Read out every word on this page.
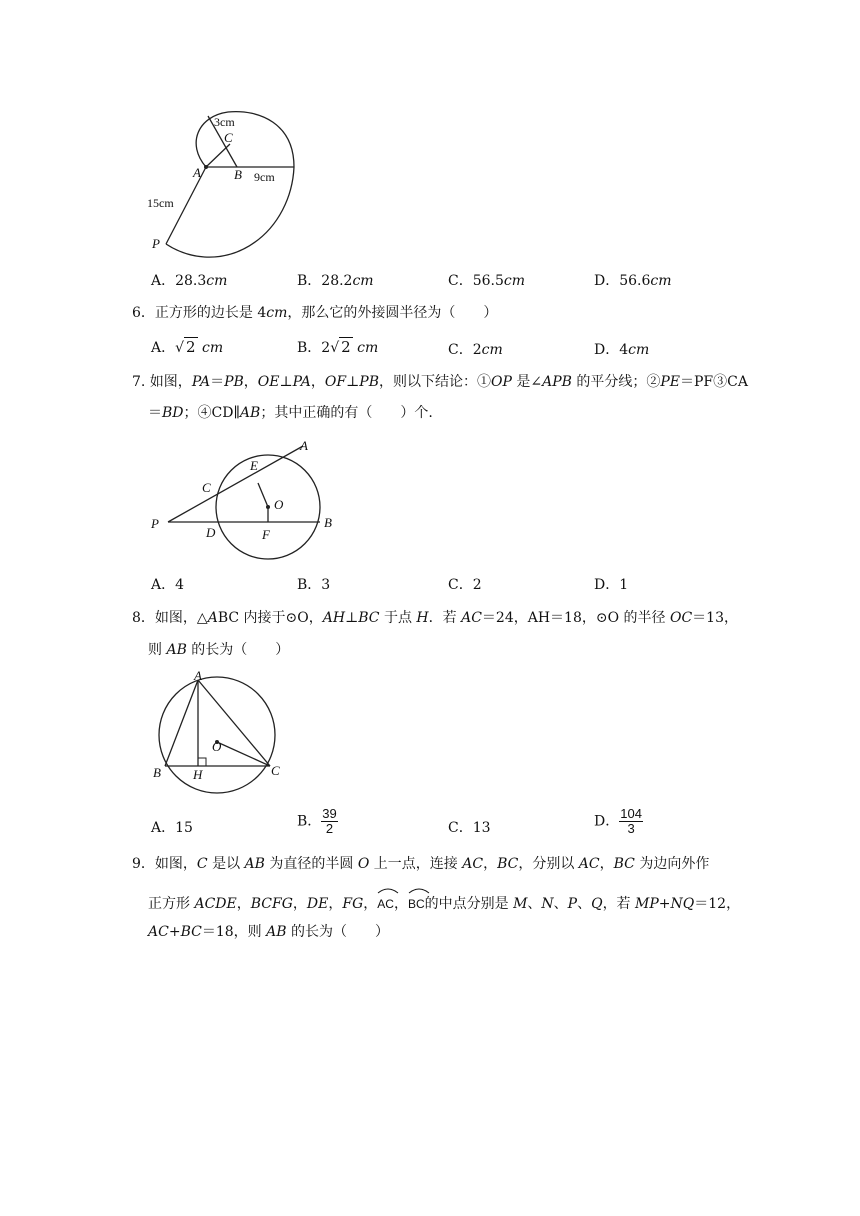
3cm
C
A	B 9cm
15cm
P
A．28.3cm	B．28.2cm	C．56.5cm	D．56.6cm
6．正方形的边长是 4cm，那么它的外接圆半径为（　　）
A．√ 2 cm	B．2√ 2 cm	C．2cm	D．4cm
7. 如图，PA＝PB，OE⊥PA，OF⊥PB，则以下结论：①OP 是∠APB 的平分线；②PE＝PF③CA
＝BD；④CD∥AB；其中正确的有（　　）个.
A
E
C
O
P
D	F
B
A．4	B．3	C．2	D．1
8．如图，△ABC 内接于⊙O，AH⊥BC 于点 H．若 AC＝24，AH＝18，⊙O 的半径 OC＝13，
则 AB 的长为（　　）
A
O
B H	C
A．15	B． $\frac{39}{2}$	C．13	D． $\frac{104}{3}$
9．如图，C 是以 AB 为直径的半圆 O 上一点，连接 AC，BC，分别以 AC，BC 为边向外作
正方形 ACDE，BCFG，DE，FG，
AC，
BC的中点分别是 M、N、P、Q，若 MP+NQ＝12，
AC+BC＝18，则 AB 的长为（　　）
